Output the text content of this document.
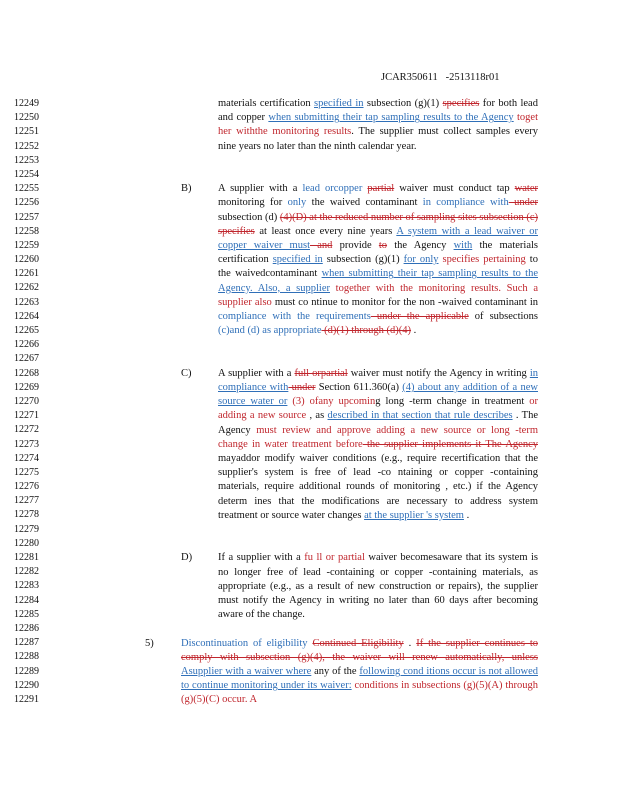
JCAR350611   -2513118r01
12249
12250
12251
12252
12253
12254
12255
12256
12257
12258
12259
12260
12261
12262
12263
12264
12265
12266
12267
12268
12269
12270
12271
12272
12273
12274
12275
12276
12277
12278
12279
12280
12281
12282
12283
12284
12285
12286
12287
12288
12289
12290
12291
materials certification specified in subsection (g)(1) specifies for both lead and copper when submitting their tap sampling results to the Agency toget her withthe monitoring results. The supplier must collect samples every nine years no later than the ninth calendar year.
B)	A supplier with a lead orcopper partial waiver must conduct tap water monitoring for only the waived contaminant in compliance with under subsection (d) (4)(D) at the reduced number of sampling sites subsection (c) specifies at least once every nine years A system with a lead waiver or copper waiver must and provide to the Agency with the materials certification specified in subsection (g)(1) for only specifies pertaining to the waivedcontaminant when submitting their tap sampling results to the Agency. Also, a supplier together with the monitoring results. Such a supplier also must co ntinue to monitor for the non -waived contaminant in compliance with the requirements under the applicable of subsections (c)and (d) as appropriate (d)(1) through (d)(4) .
C)	A supplier with a full orpartial waiver must notify the Agency in writing in compliance with under Section 611.360(a) (4) about any addition of a new source water or (3) ofany upcoming long -term change in treatment or adding a new source , as described in that section that rule describes . The Agency must review and approve adding a new source or long -term change in water treatment before the supplier implements it The Agency mayaddor modify waiver conditions (e.g., require recertification that the supplier's system is free of lead -co ntaining or copper -containing materials, require additional rounds of monitoring , etc.) if the Agency determ ines that the modifications are necessary to address system treatment or source water changes at the supplier 's system .
D) If a supplier with a fu ll or partial waiver becomesaware that its system is no longer free of lead -containing or copper -containing materials, as appropriate (e.g., as a result of new construction or repairs), the supplier must notify the Agency in writing no later than 60 days after becoming aware of the change.
5)	Discontinuation of eligibility Continued Eligibility . If the supplier continues to comply with subsection (g)(4), the waiver will renew automatically, unless Asupplier with a waiver where any of the following cond itions occur is not allowed to continue monitoring under its waiver: conditions in subsections (g)(5)(A) through (g)(5)(C) occur. A
